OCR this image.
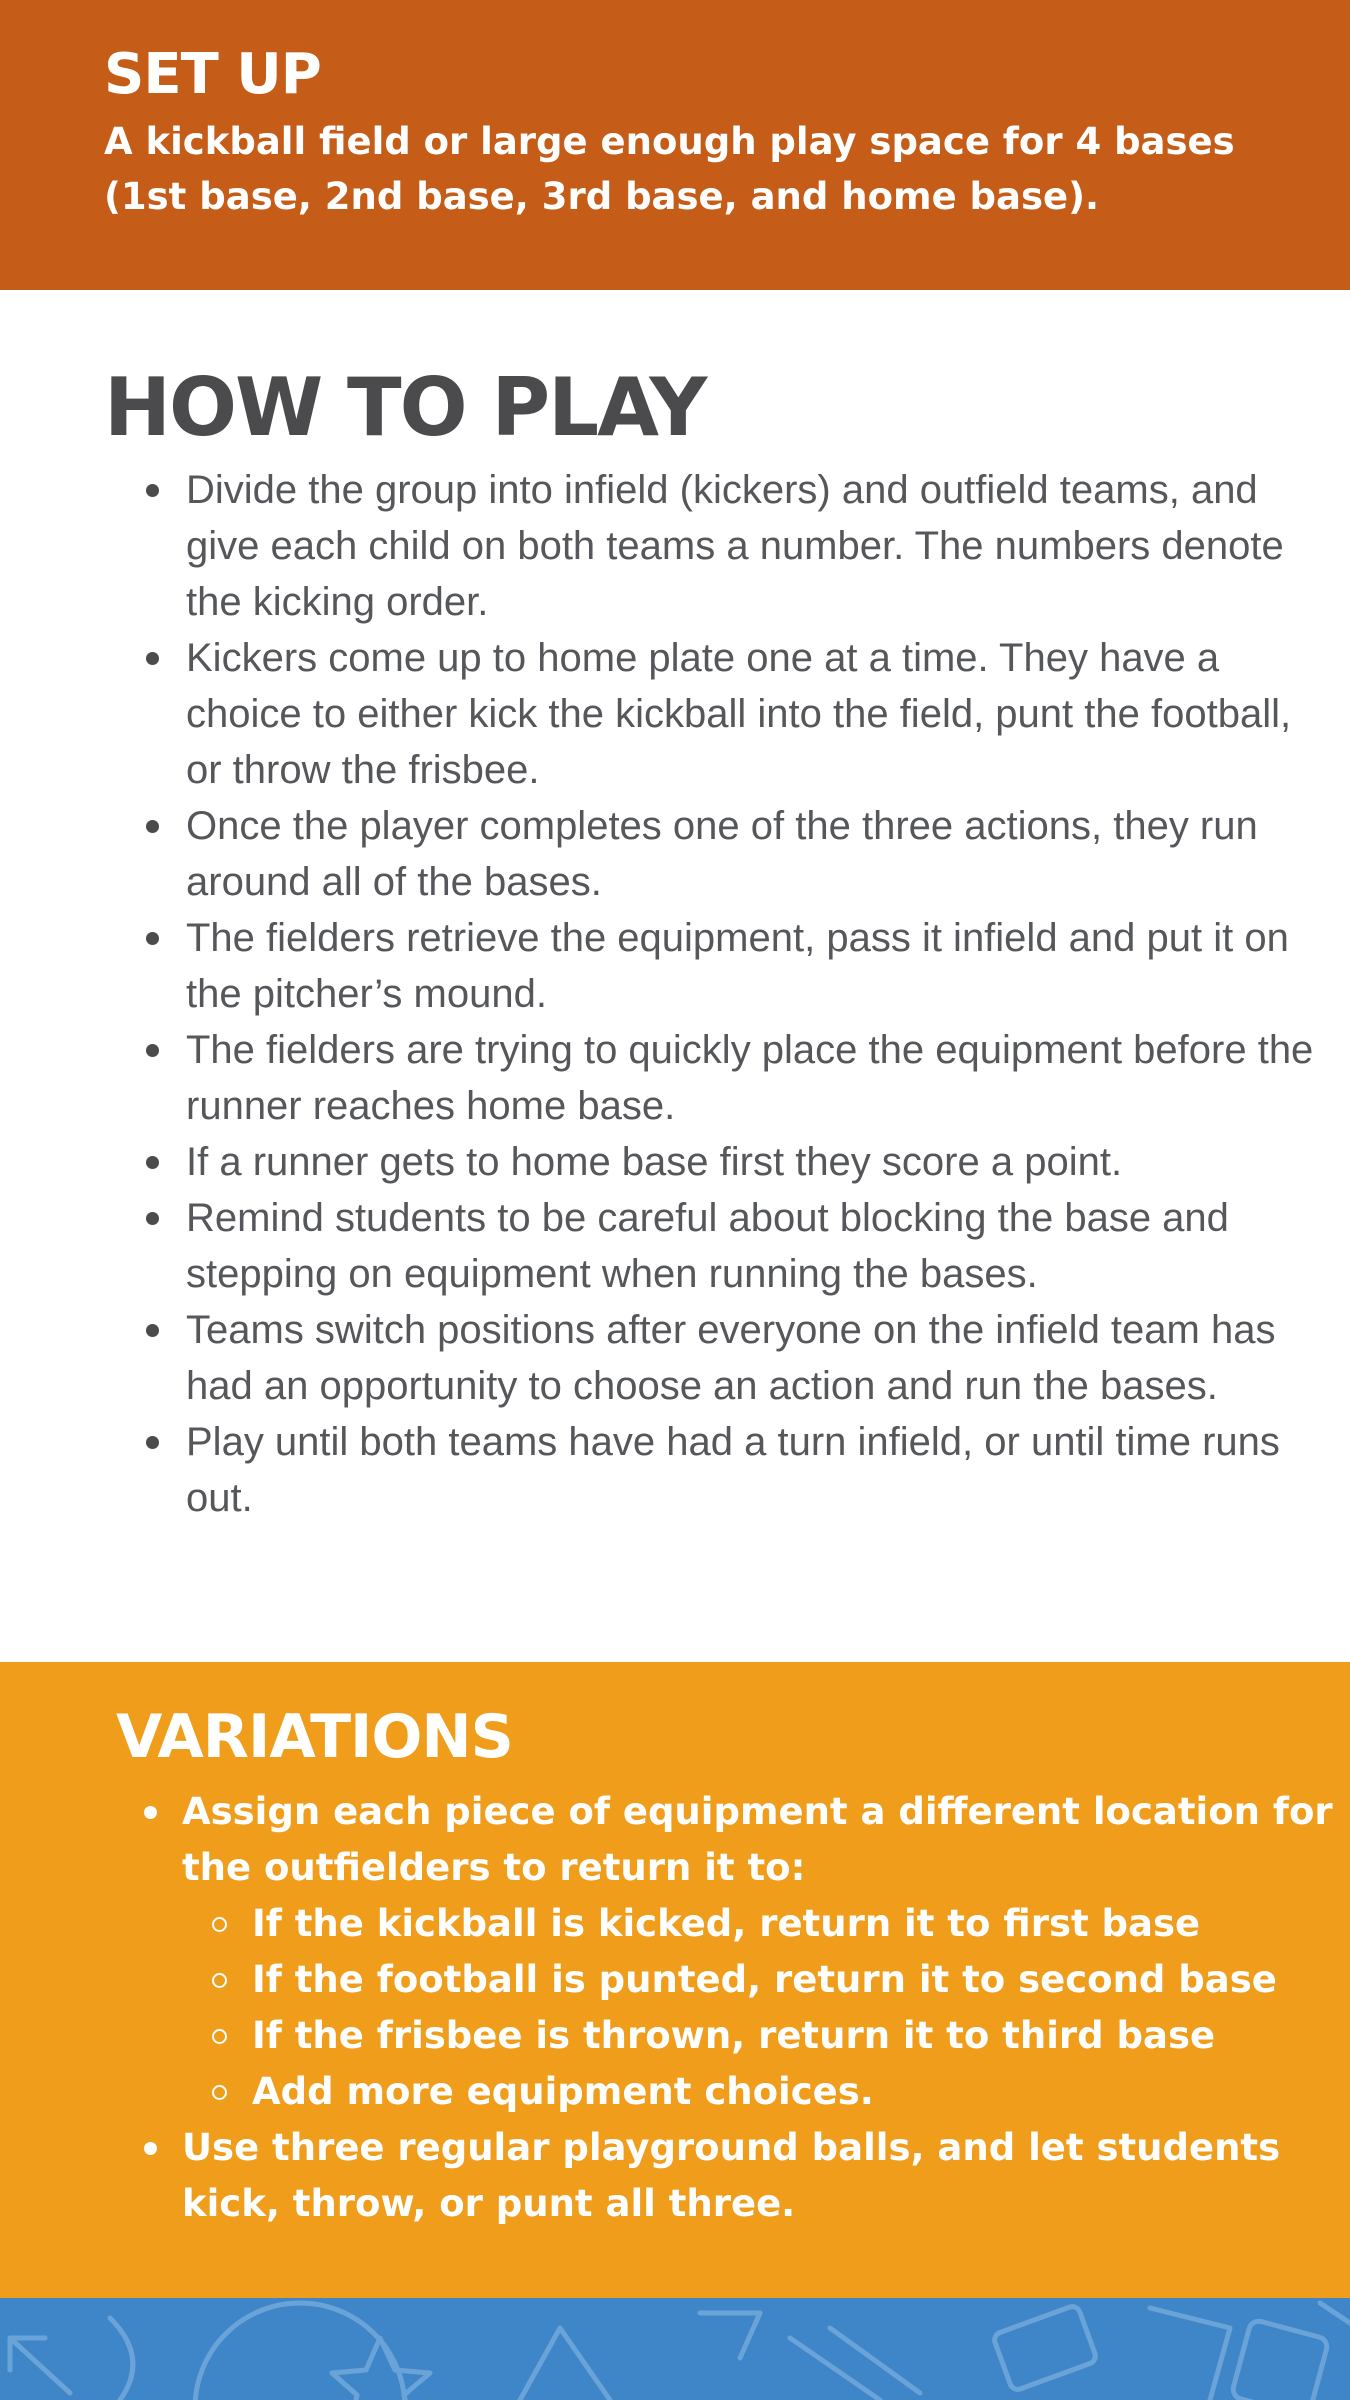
SET UP

A kickball field or large enough play space for 4 bases (1st base, 2nd base, 3rd base, and home base).

HOW TO PLAY
Divide the group into infield (kickers) and outfield teams, and give each child on both teams a number. The numbers denote the kicking order.
Kickers come up to home plate one at a time. They have a choice to either kick the kickball into the field, punt the football, or throw the frisbee.
Once the player completes one of the three actions, they run around all of the bases.
The fielders retrieve the equipment, pass it infield and put it on the pitcher’s mound.
The fielders are trying to quickly place the equipment before the runner reaches home base.
If a runner gets to home base first they score a point.
Remind students to be careful about blocking the base and stepping on equipment when running the bases.
Teams switch positions after everyone on the infield team has had an opportunity to choose an action and run the bases.
Play until both teams have had a turn infield, or until time runs out.
VARIATIONS
Assign each piece of equipment a different location for the outfielders to return it to:
If the kickball is kicked, return it to first base
If the football is punted, return it to second base
If the frisbee is thrown, return it to third base
Add more equipment choices.
Use three regular playground balls, and let students kick, throw, or punt all three.
